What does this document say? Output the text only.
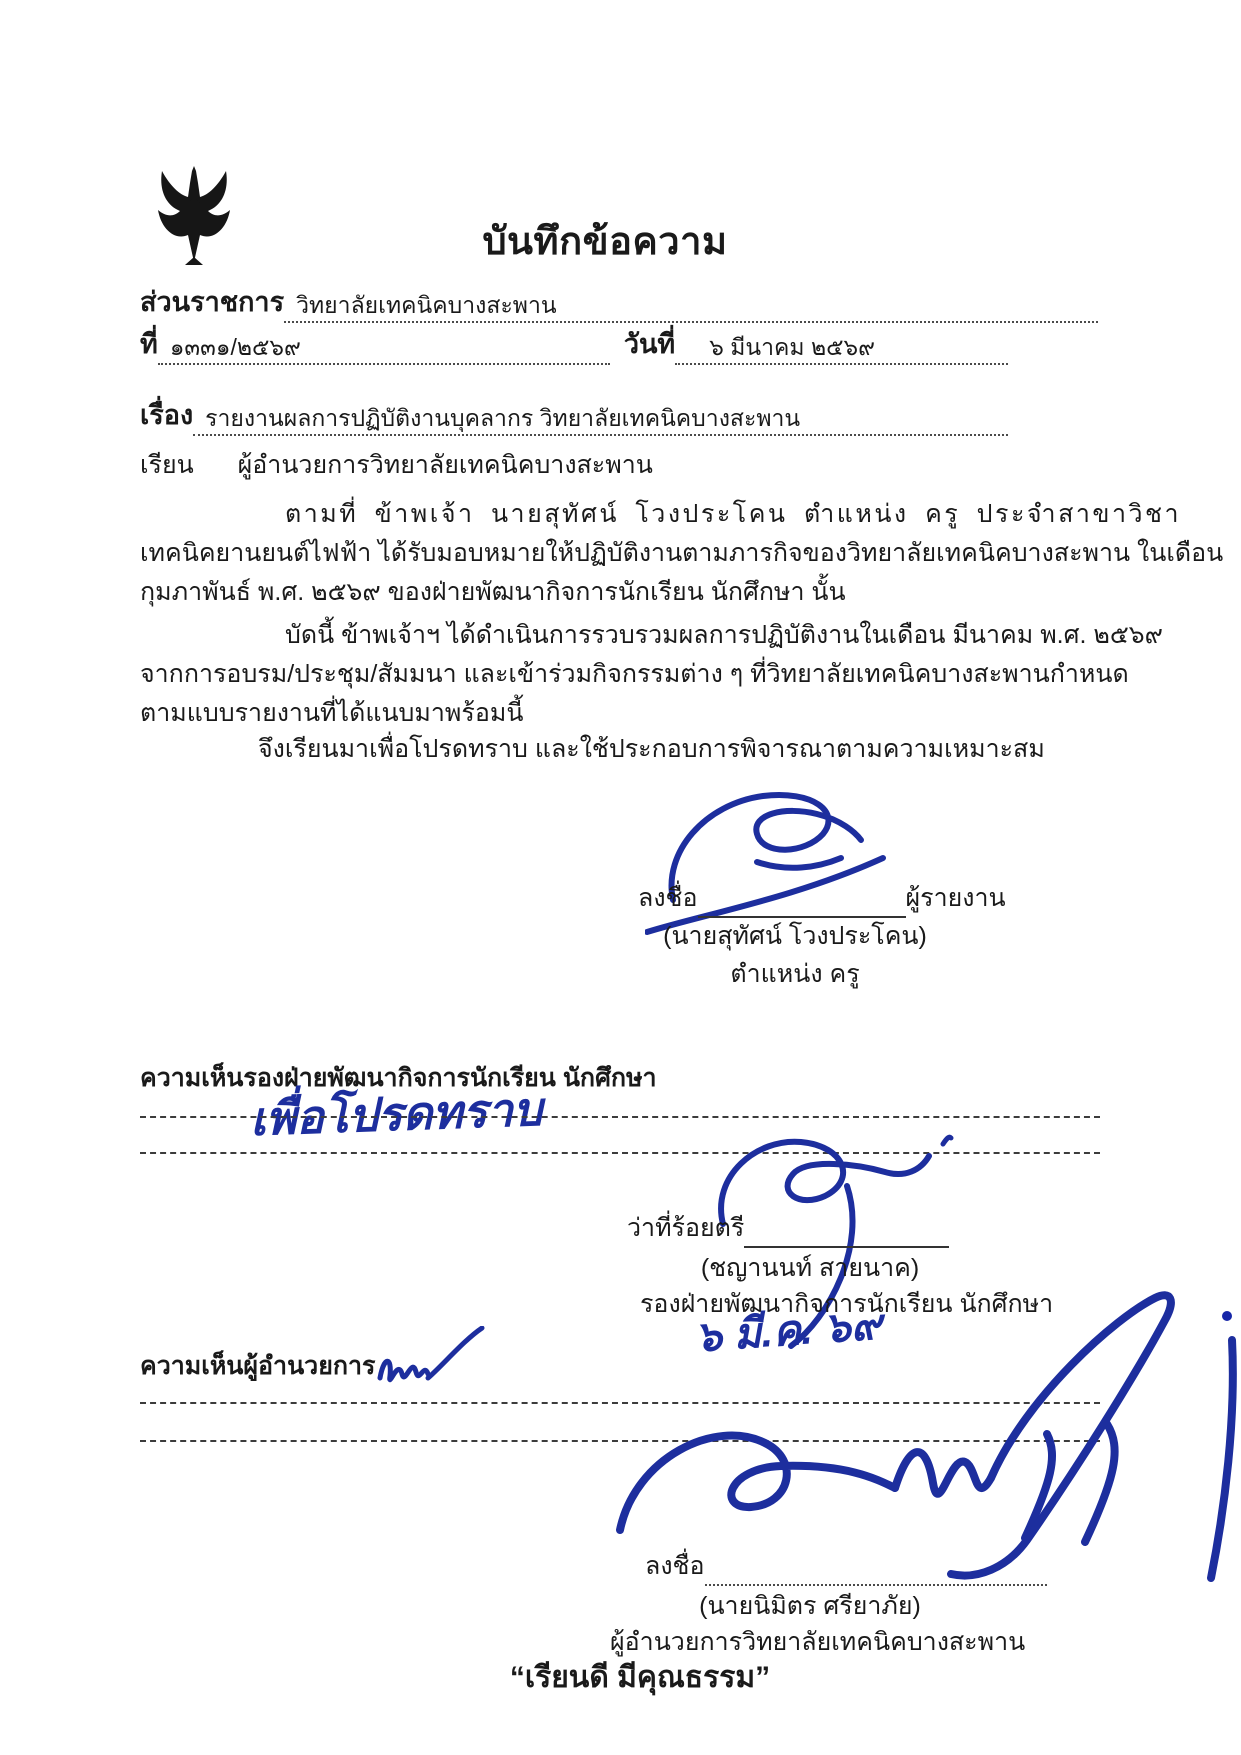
บันทึกข้อความ
ส่วนราชการ วิทยาลัยเทคนิคบางสะพาน
ที่ ๑๓๓๑/๒๕๖๙	วันที่	๖ มีนาคม ๒๕๖๙
เรื่อง รายงานผลการปฏิบัติงานบุคลากร วิทยาลัยเทคนิคบางสะพาน
เรียน ผู้อำนวยการวิทยาลัยเทคนิคบางสะพาน
ตามที่ ข้าพเจ้า นายสุทัศน์ โวงประโคน ตำแหน่ง ครู ประจำสาขาวิชา
เทคนิคยานยนต์ไฟฟ้า ได้รับมอบหมายให้ปฏิบัติงานตามภารกิจของวิทยาลัยเทคนิคบางสะพาน ในเดือน
กุมภาพันธ์ พ.ศ. ๒๕๖๙ ของฝ่ายพัฒนากิจการนักเรียน นักศึกษา นั้น
บัดนี้ ข้าพเจ้าฯ ได้ดำเนินการรวบรวมผลการปฏิบัติงานในเดือน มีนาคม พ.ศ. ๒๕๖๙
จากการอบรม/ประชุม/สัมมนา และเข้าร่วมกิจกรรมต่าง ๆ ที่วิทยาลัยเทคนิคบางสะพานกำหนด
ตามแบบรายงานที่ได้แนบมาพร้อมนี้
จึงเรียนมาเพื่อโปรดทราบ และใช้ประกอบการพิจารณาตามความเหมาะสม
ลงชื่อ	ผู้รายงาน
(นายสุทัศน์ โวงประโคน)
ตำแหน่ง ครู
ความเห็นรองฝ่ายพัฒนากิจการนักเรียน นักศึกษา
เพื่อโปรดทราบ
ว่าที่ร้อยตรี
(ชญานนท์ สายนาค)
รองฝ่ายพัฒนากิจการนักเรียน นักศึกษา
๖ มี.ค. ๖๙
ความเห็นผู้อำนวยการ
ลงชื่อ
(นายนิมิตร ศรียาภัย)
ผู้อำนวยการวิทยาลัยเทคนิคบางสะพาน
“เรียนดี มีคุณธรรม”
